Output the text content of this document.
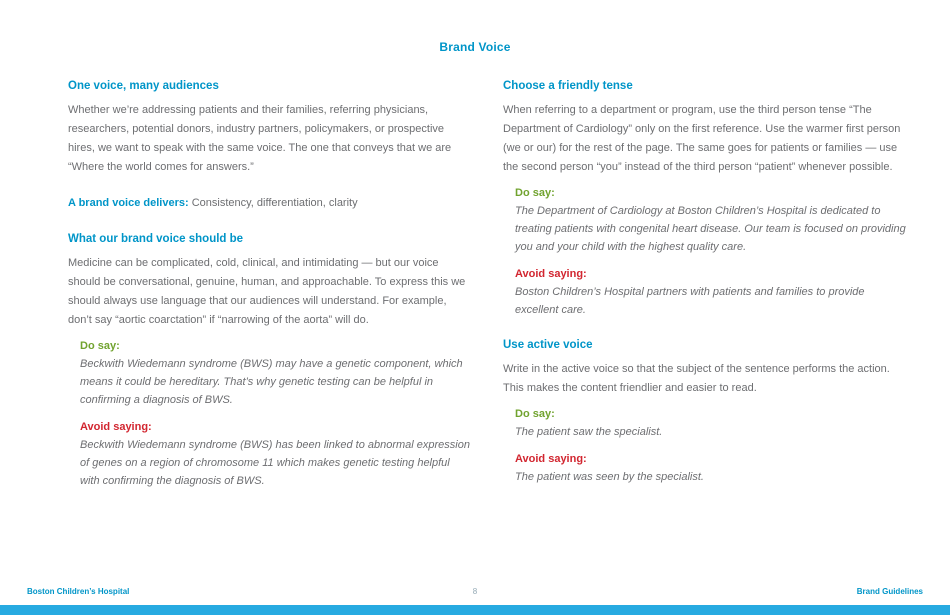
Brand Voice
One voice, many audiences

Whether we’re addressing patients and their families, referring physicians, researchers, potential donors, industry partners, policymakers, or prospective hires, we want to speak with the same voice. The one that conveys that we are “Where the world comes for answers.”

A brand voice delivers: Consistency, differentiation, clarity

What our brand voice should be

Medicine can be complicated, cold, clinical, and intimidating — but our voice should be conversational, genuine, human, and approachable. To express this we should always use language that our audiences will understand. For example, don’t say “aortic coarctation” if “narrowing of the aorta” will do.

Do say:

Beckwith Wiedemann syndrome (BWS) may have a genetic component, which means it could be hereditary. That’s why genetic testing can be helpful in confirming a diagnosis of BWS.

Avoid saying:

Beckwith Wiedemann syndrome (BWS) has been linked to abnormal expression of genes on a region of chromosome 11 which makes genetic testing helpful with confirming the diagnosis of BWS.

Choose a friendly tense

When referring to a department or program, use the third person tense “The Department of Cardiology” only on the first reference. Use the warmer first person (we or our) for the rest of the page. The same goes for patients or families — use the second person “you” instead of the third person “patient” whenever possible.

Do say:

The Department of Cardiology at Boston Children’s Hospital is dedicated to treating patients with congenital heart disease. Our team is focused on providing you and your child with the highest quality care.

Avoid saying:

Boston Children’s Hospital partners with patients and families to provide excellent care.

Use active voice

Write in the active voice so that the subject of the sentence performs the action. This makes the content friendlier and easier to read.

Do say:

The patient saw the specialist.

Avoid saying:

The patient was seen by the specialist.

Boston Children’s Hospital	8	Brand Guidelines
